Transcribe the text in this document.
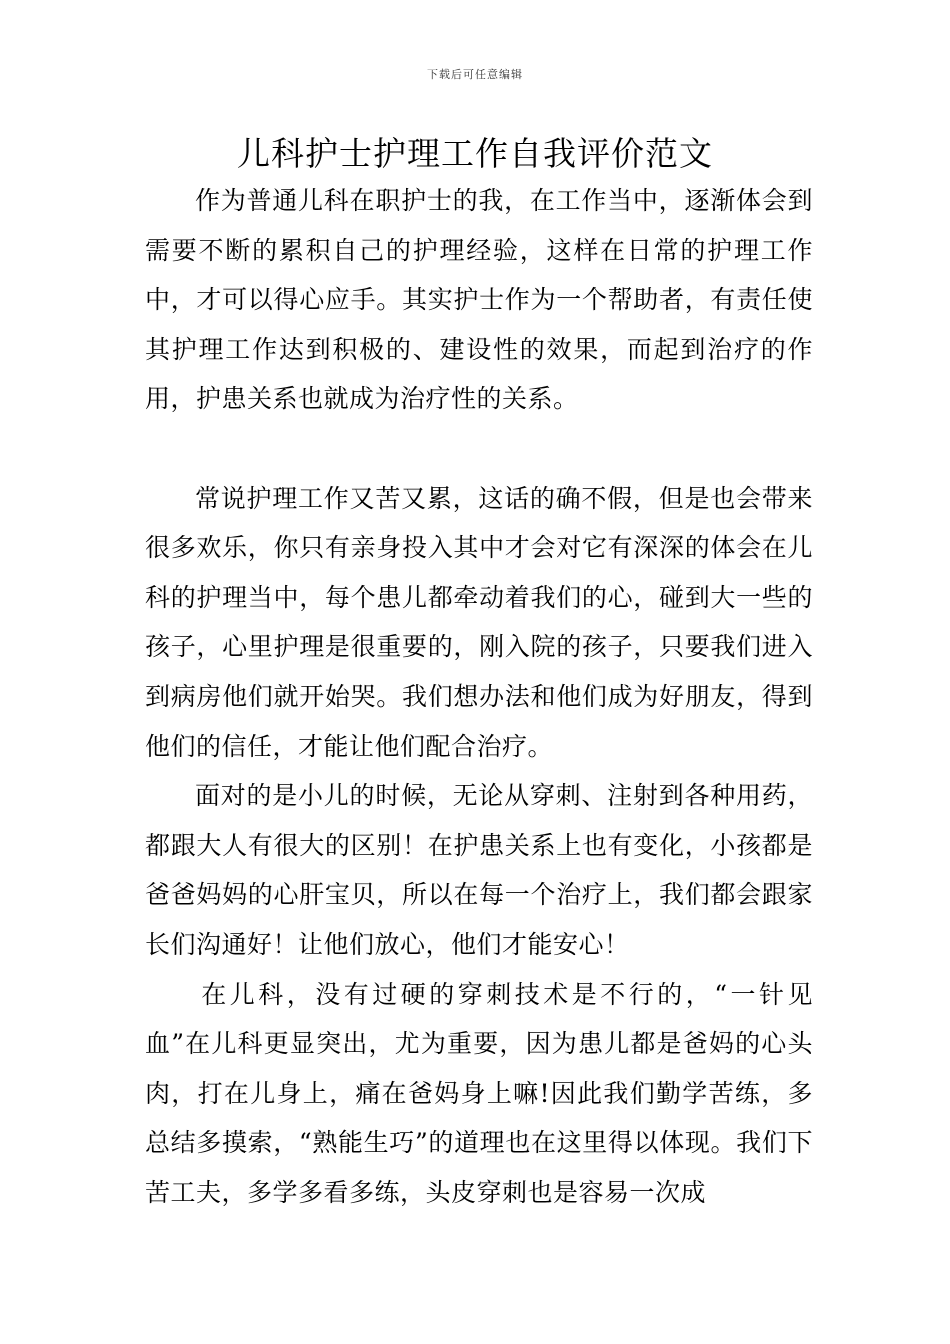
下载后可任意编辑
儿科护士护理工作自我评价范文

作为普通儿科在职护士的我，在工作当中，逐渐体会到需要不断的累积自己的护理经验，这样在日常的护理工作中，才可以得心应手。其实护士作为一个帮助者，有责任使其护理工作达到积极的、建设性的效果，而起到治疗的作用，护患关系也就成为治疗性的关系。

常说护理工作又苦又累，这话的确不假，但是也会带来很多欢乐，你只有亲身投入其中才会对它有深深的体会在儿科的护理当中，每个患儿都牵动着我们的心，碰到大一些的孩子，心里护理是很重要的，刚入院的孩子，只要我们进入到病房他们就开始哭。我们想办法和他们成为好朋友，得到他们的信任，才能让他们配合治疗。

面对的是小儿的时候，无论从穿刺、注射到各种用药，都跟大人有很大的区别！在护患关系上也有变化，小孩都是爸爸妈妈的心肝宝贝，所以在每一个治疗上，我们都会跟家长们沟通好！让他们放心，他们才能安心！

在儿科，没有过硬的穿刺技术是不行的，“一针见血”在儿科更显突出，尤为重要，因为患儿都是爸妈的心头肉，打在儿身上，痛在爸妈身上嘛!因此我们勤学苦练，多总结多摸索，“熟能生巧”的道理也在这里得以体现。我们下苦工夫，多学多看多练，头皮穿刺也是容易一次成
